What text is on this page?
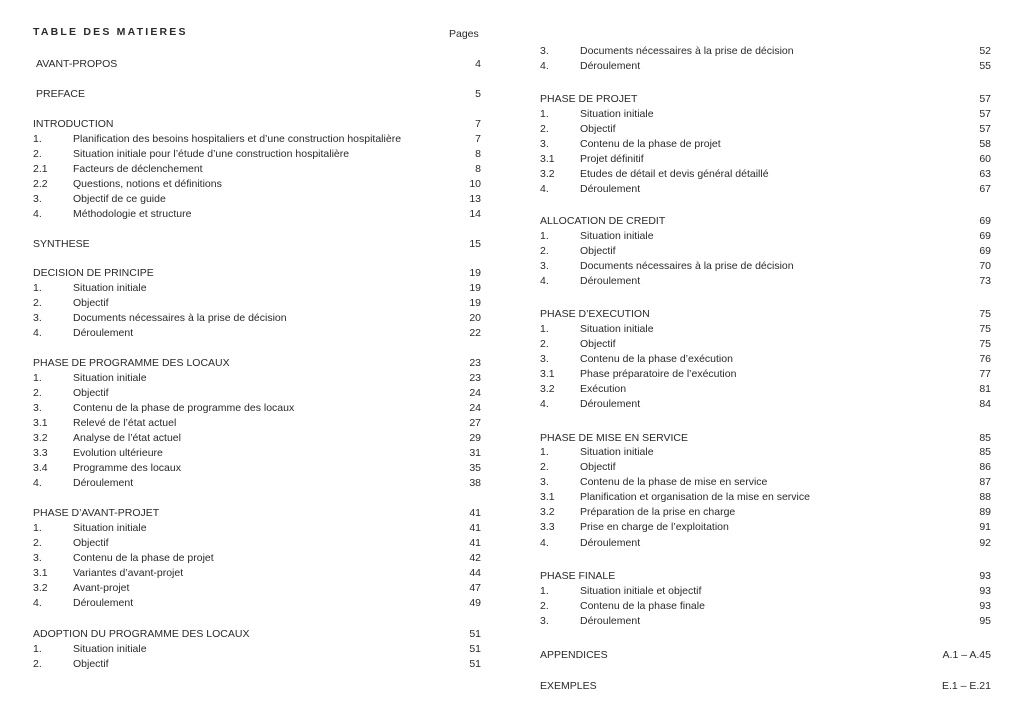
TABLE DES MATIERES	Pages
AVANT-PROPOS	4
PREFACE	5
INTRODUCTION	7
1.	Planification des besoins hospitaliers et d’une construction hospitalière	7
2.	Situation initiale pour l’étude d’une construction hospitalière	8
2.1 Facteurs de déclenchement	8
2.2 Questions, notions et définitions	10
3.	Objectif de ce guide	13
4.	Méthodologie et structure	14
SYNTHESE	15
DECISION DE PRINCIPE	19
1.	Situation initiale	19
2.	Objectif	19
3.	Documents nécessaires à la prise de décision	20
4.	Déroulement	22
PHASE DE PROGRAMME DES LOCAUX	23
1.	Situation initiale	23
2.	Objectif	24
3.	Contenu de la phase de programme des locaux	24
3.1 Relevé de l’état actuel	27
3.2 Analyse de l’état actuel	29
3.3 Evolution ultérieure	31
3.4 Programme des locaux	35
4.	Déroulement	38
PHASE D’AVANT-PROJET	41
1.	Situation initiale	41
2.	Objectif	41
3.	Contenu de la phase de projet	42
3.1 Variantes d’avant-projet	44
3.2 Avant-projet	47
4.	Déroulement	49
ADOPTION DU PROGRAMME DES LOCAUX	51
1.	Situation initiale	51
2.	Objectif	51
3.	Documents nécessaires à la prise de décision	52
4.	Déroulement	55
PHASE DE PROJET	57
1.	Situation initiale	57
2.	Objectif	57
3.	Contenu de la phase de projet	58
3.1 Projet définitif	60
3.2 Etudes de détail et devis général détaillé	63
4.	Déroulement	67
ALLOCATION DE CREDIT	69
1.	Situation initiale	69
2.	Objectif	69
3.	Documents nécessaires à la prise de décision	70
4.	Déroulement	73
PHASE D’EXECUTION	75
1.	Situation initiale	75
2.	Objectif	75
3.	Contenu de la phase d’exécution	76
3.1 Phase préparatoire de l’exécution	77
3.2 Exécution	81
4.	Déroulement	84
PHASE DE MISE EN SERVICE	85
1.	Situation initiale	85
2.	Objectif	86
3.	Contenu de la phase de mise en service	87
3.1 Planification et organisation de la mise en service	88
3.2 Préparation de la prise en charge	89
3.3 Prise en charge de l’exploitation	91
4.	Déroulement	92
PHASE FINALE	93
1.	Situation initiale et objectif	93
2.	Contenu de la phase finale	93
3.	Déroulement	95
APPENDICES	A.1 – A.45
EXEMPLES	E.1 – E.21
